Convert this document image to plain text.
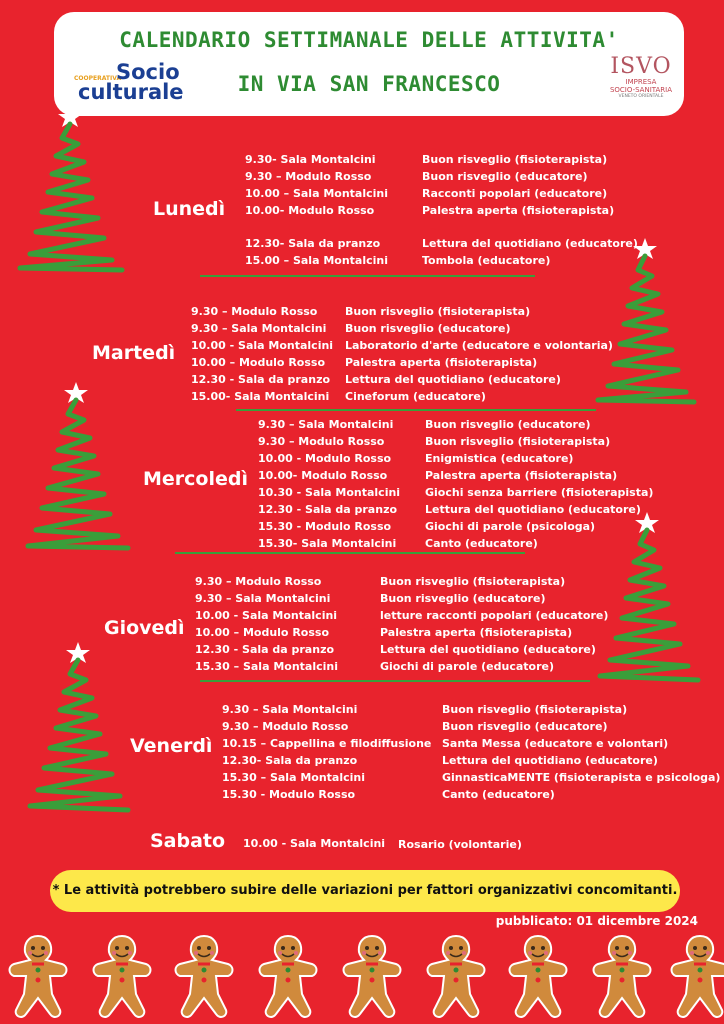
CALENDARIO SETTIMANALE DELLE ATTIVITA'
IN VIA SAN FRANCESCO
COOPERATIVA
Socio
culturale
ISVO
IMPRESA
SOCIO-SANITARIA
VENETO ORIENTALE
Lunedì
9.30- Sala Montalcini	Buon risveglio (fisioterapista)
9.30 – Modulo Rosso	Buon risveglio (educatore)
10.00 – Sala Montalcini	Racconti popolari (educatore)
10.00- Modulo Rosso	Palestra aperta (fisioterapista)
12.30- Sala da pranzo	Lettura del quotidiano (educatore)
15.00 – Sala Montalcini	Tombola (educatore)
Martedì
9.30 – Modulo Rosso	Buon risveglio (fisioterapista)
9.30 – Sala Montalcini Buon risveglio (educatore)
10.00 - Sala Montalcini Laboratorio d'arte (educatore e volontaria)
10.00 – Modulo Rosso Palestra aperta (fisioterapista)
12.30 - Sala da pranzo Lettura del quotidiano (educatore)
15.00- Sala Montalcini Cineforum (educatore)
Mercoledì
9.30 – Sala Montalcini	Buon risveglio (educatore)
9.30 – Modulo Rosso	Buon risveglio (fisioterapista)
10.00 - Modulo Rosso	Enigmistica (educatore)
10.00- Modulo Rosso	Palestra aperta (fisioterapista)
10.30 - Sala Montalcini Giochi senza barriere (fisioterapista)
12.30 - Sala da pranzo	Lettura del quotidiano (educatore)
15.30 - Modulo Rosso	Giochi di parole (psicologa)
15.30- Sala Montalcini	Canto (educatore)
Giovedì
9.30 – Modulo Rosso	Buon risveglio (fisioterapista)
9.30 – Sala Montalcini	Buon risveglio (educatore)
10.00 - Sala Montalcini	letture racconti popolari (educatore)
10.00 – Modulo Rosso	Palestra aperta (fisioterapista)
12.30 - Sala da pranzo	Lettura del quotidiano (educatore)
15.30 – Sala Montalcini	Giochi di parole (educatore)
Venerdì
9.30 – Sala Montalcini	Buon risveglio (fisioterapista)
9.30 – Modulo Rosso	Buon risveglio (educatore)
10.15 – Cappellina e filodiffusione Santa Messa (educatore e volontari)
12.30- Sala da pranzo	Lettura del quotidiano (educatore)
15.30 – Sala Montalcini	GinnasticaMENTE (fisioterapista e psicologa)
15.30 - Modulo Rosso	Canto (educatore)
Sabato 10.00 - Sala Montalcini Rosario (volontarie)
* Le attività potrebbero subire delle variazioni per fattori organizzativi concomitanti.
pubblicato: 01 dicembre 2024
